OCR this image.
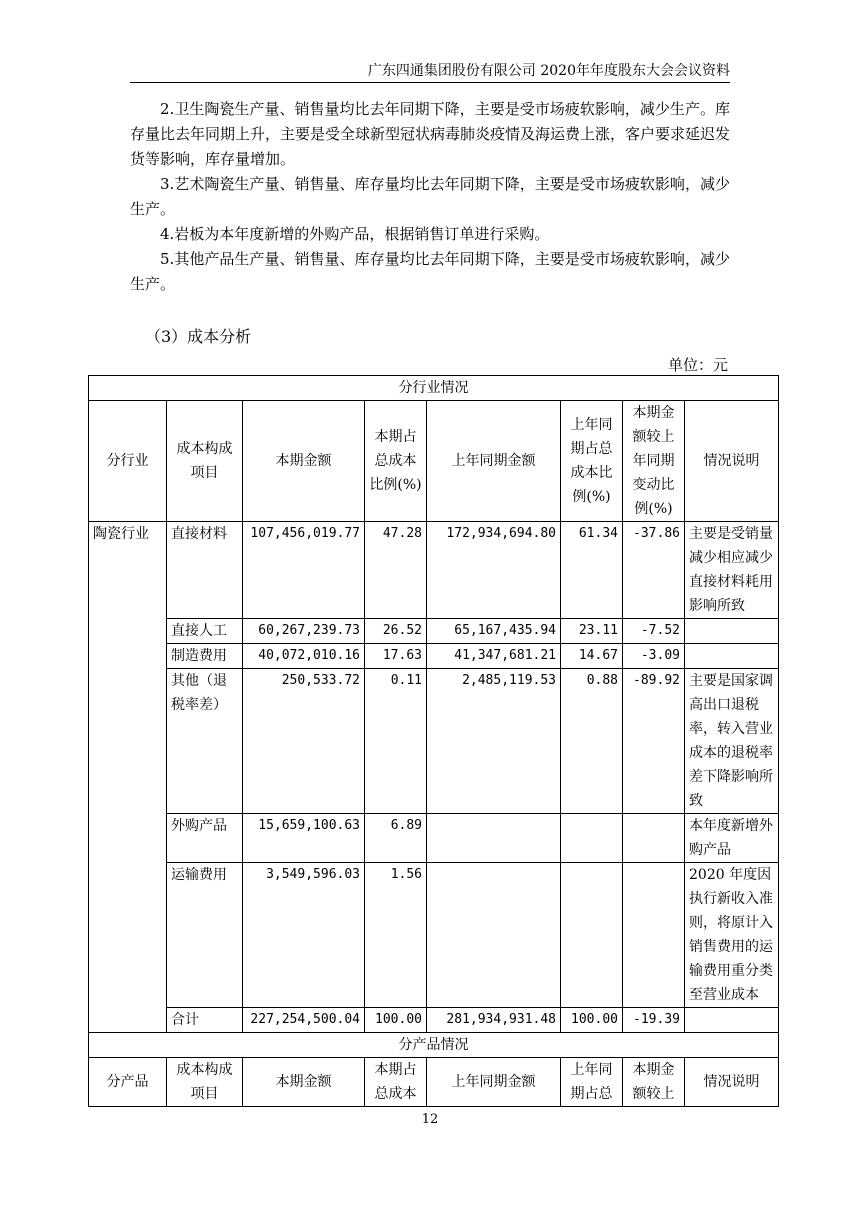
广东四通集团股份有限公司 2020年年度股东大会会议资料

2.卫生陶瓷生产量、销售量均比去年同期下降，主要是受市场疲软影响，减少生产。库存量比去年同期上升，主要是受全球新型冠状病毒肺炎疫情及海运费上涨，客户要求延迟发货等影响，库存量增加。

3.艺术陶瓷生产量、销售量、库存量均比去年同期下降，主要是受市场疲软影响，减少生产。

4.岩板为本年度新增的外购产品，根据销售订单进行采购。

5.其他产品生产量、销售量、库存量均比去年同期下降，主要是受市场疲软影响，减少生产。

（3）成本分析
单位：元
分行业情况							
分行业	成本构成项目	本期金额	本期占总成本比例(%)	上年同期金额	上年同期占总成本比例(%)	本期金额较上年同期变动比例(%)	情况说明
陶瓷行业	直接材料	107,456,019.77	47.28	172,934,694.80	61.34	-37.86	主要是受销量减少相应减少直接材料耗用影响所致
	直接人工	60,267,239.73	26.52	65,167,435.94	23.11	-7.52	
	制造费用	40,072,010.16	17.63	41,347,681.21	14.67	-3.09	
	其他（退税率差）	250,533.72	0.11	2,485,119.53	0.88	-89.92	主要是国家调高出口退税率，转入营业成本的退税率差下降影响所致
	外购产品	15,659,100.63	6.89				本年度新增外购产品
	运输费用	3,549,596.03	1.56				2020 年度因执行新收入准则，将原计入销售费用的运输费用重分类至营业成本
	合计	227,254,500.04	100.00	281,934,931.48	100.00	-19.39	
分产品情况							
分产品	成本构成项目	本期金额	本期占总成本	上年同期金额	上年同期占总	本期金额较上	情况说明
12
